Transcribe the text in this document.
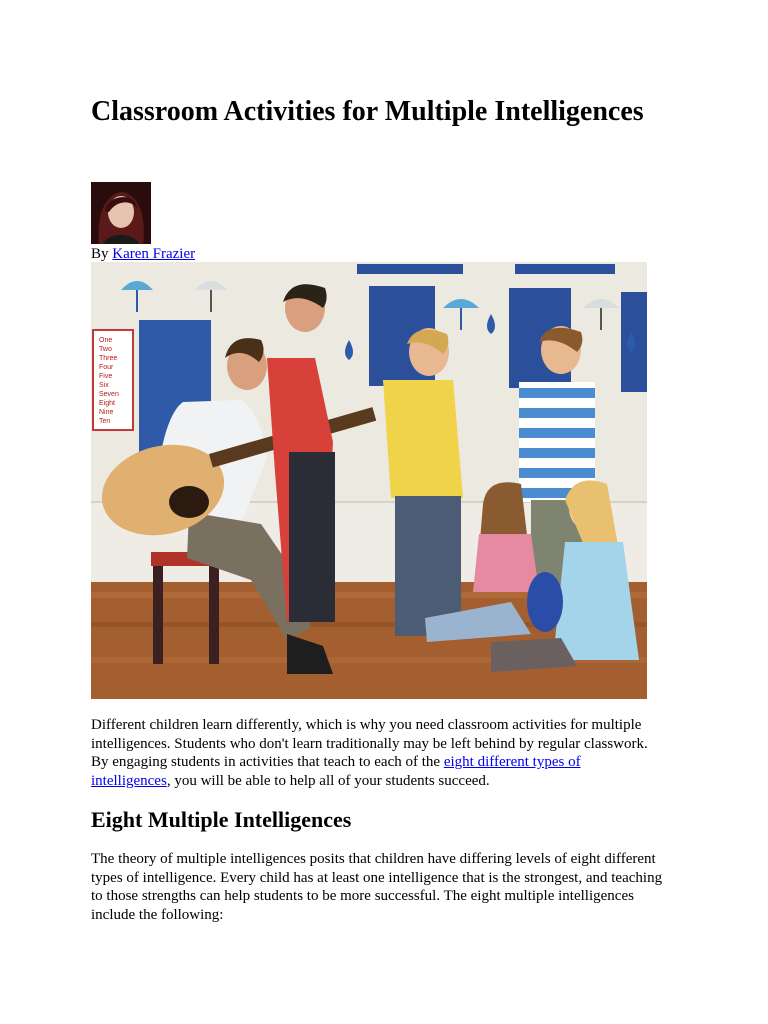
Classroom Activities for Multiple Intelligences
By Karen Frazier
One
Two
Three
Four
Five
Six
Seven
Eight
Nine
Ten

Different children learn differently, which is why you need classroom activities for multiple intelligences. Students who don't learn traditionally may be left behind by regular classwork. By engaging students in activities that teach to each of the eight different types of intelligences, you will be able to help all of your students succeed.

Eight Multiple Intelligences

The theory of multiple intelligences posits that children have differing levels of eight different types of intelligence. Every child has at least one intelligence that is the strongest, and teaching to those strengths can help students to be more successful. The eight multiple intelligences include the following:
